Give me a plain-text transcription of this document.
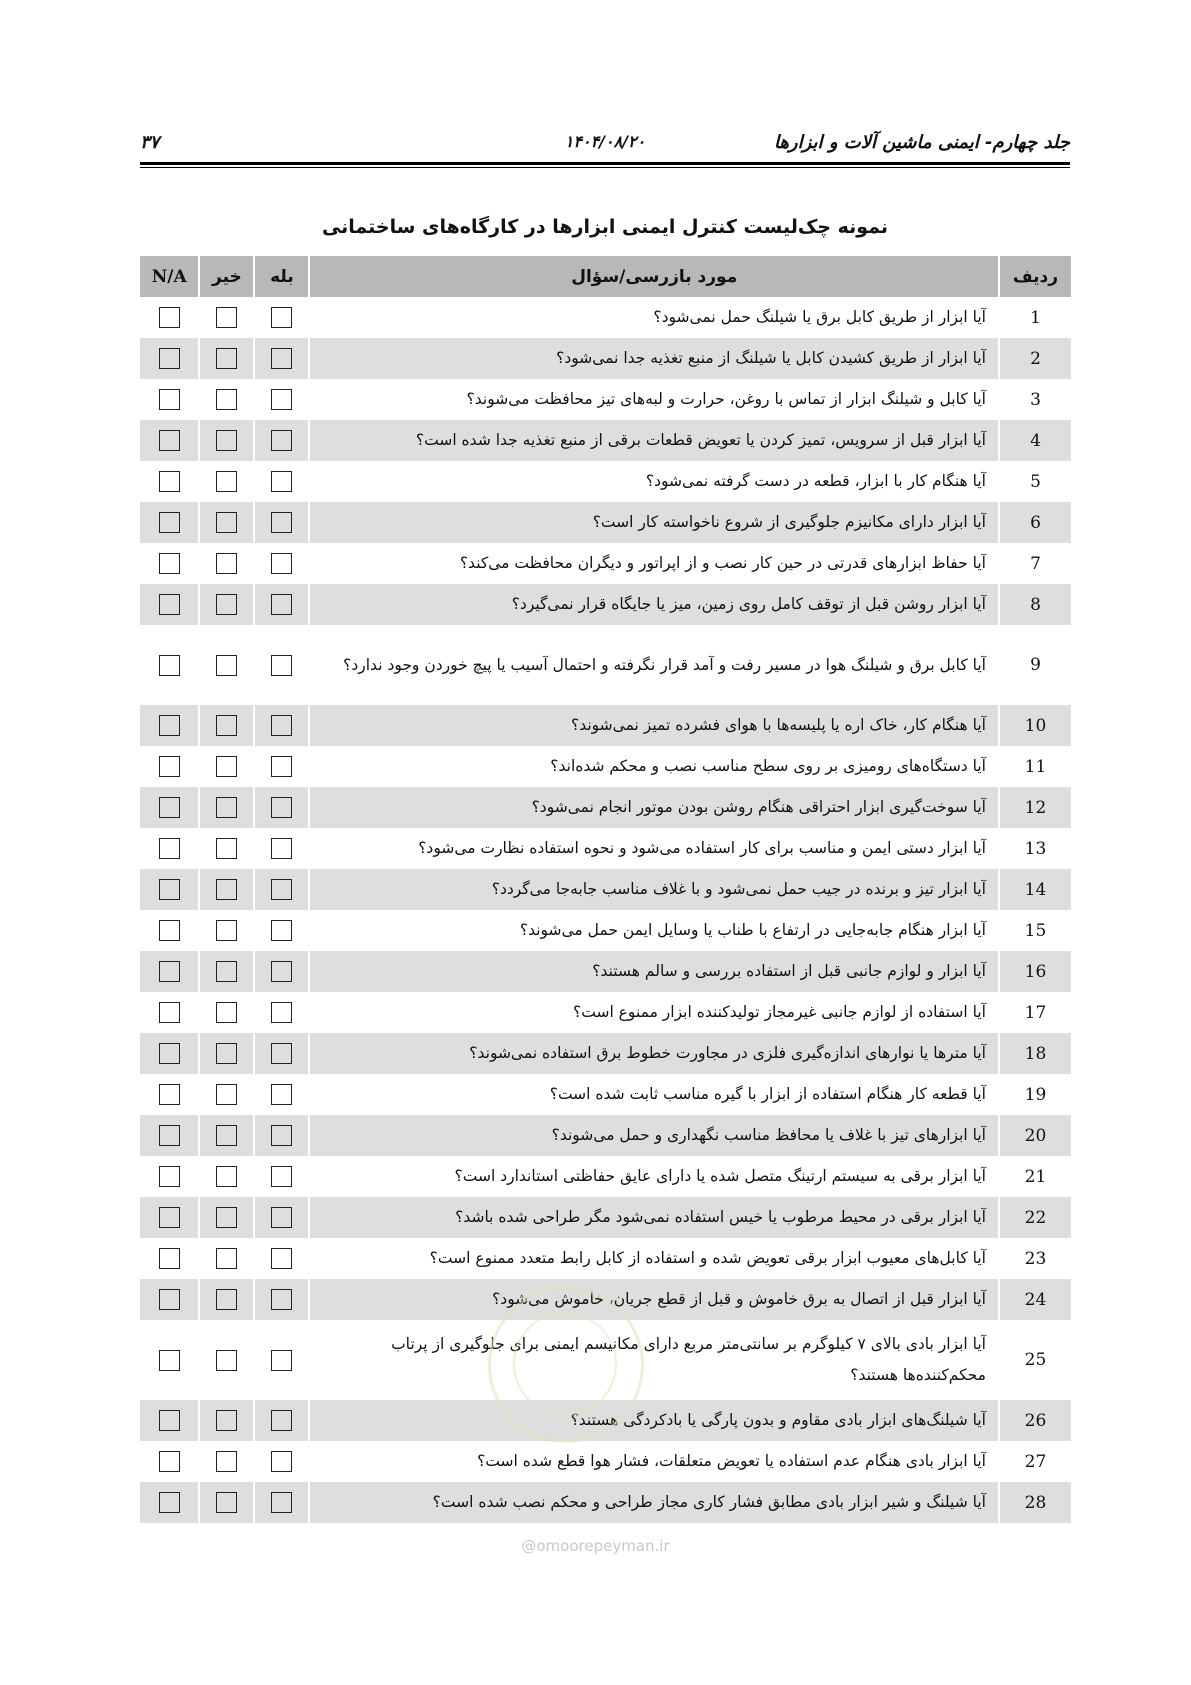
جلد چهارم- ایمنی ماشین آلات و ابزارها
۱۴۰۴/۰۸/۲۰
۳۷
نمونه چک‌لیست کنترل ایمنی ابزارها در کارگاه‌های ساختمانی
ردیف	مورد بازرسی/سؤال	بله	خیر	N/A
1	آیا ابزار از طریق کابل برق یا شیلنگ حمل نمی‌شود؟			
2	آیا ابزار از طریق کشیدن کابل یا شیلنگ از منبع تغذیه جدا نمی‌شود؟			
3	آیا کابل و شیلنگ ابزار از تماس با روغن، حرارت و لبه‌های تیز محافظت می‌شوند؟			
4	آیا ابزار قبل از سرویس، تمیز کردن یا تعویض قطعات برقی از منبع تغذیه جدا شده است؟			
5	آیا هنگام کار با ابزار، قطعه در دست گرفته نمی‌شود؟			
6	آیا ابزار دارای مکانیزم جلوگیری از شروع ناخواسته کار است؟			
7	آیا حفاظ ابزارهای قدرتی در حین کار نصب و از اپراتور و دیگران محافظت می‌کند؟			
8	آیا ابزار روشن قبل از توقف کامل روی زمین، میز یا جایگاه قرار نمی‌گیرد؟			
9	آیا کابل برق و شیلنگ هوا در مسیر رفت و آمد قرار نگرفته و احتمال آسیب یا پیچ خوردن وجود ندارد؟			
10	آیا هنگام کار، خاک اره یا پلیسه‌ها با هوای فشرده تمیز نمی‌شوند؟			
11	آیا دستگاه‌های رومیزی بر روی سطح مناسب نصب و محکم شده‌اند؟			
12	آیا سوخت‌گیری ابزار احتراقی هنگام روشن بودن موتور انجام نمی‌شود؟			
13	آیا ابزار دستی ایمن و مناسب برای کار استفاده می‌شود و نحوه استفاده نظارت می‌شود؟			
14	آیا ابزار تیز و برنده در جیب حمل نمی‌شود و با غلاف مناسب جابه‌جا می‌گردد؟			
15	آیا ابزار هنگام جابه‌جایی در ارتفاع با طناب یا وسایل ایمن حمل می‌شوند؟			
16	آیا ابزار و لوازم جانبی قبل از استفاده بررسی و سالم هستند؟			
17	آیا استفاده از لوازم جانبی غیرمجاز تولیدکننده ابزار ممنوع است؟			
18	آیا مترها یا نوارهای اندازه‌گیری فلزی در مجاورت خطوط برق استفاده نمی‌شوند؟			
19	آیا قطعه کار هنگام استفاده از ابزار با گیره مناسب ثابت شده است؟			
20	آیا ابزارهای تیز با غلاف یا محافظ مناسب نگهداری و حمل می‌شوند؟			
21	آیا ابزار برقی به سیستم ارتینگ متصل شده یا دارای عایق حفاظتی استاندارد است؟			
22	آیا ابزار برقی در محیط مرطوب یا خیس استفاده نمی‌شود مگر طراحی شده باشد؟			
23	آیا کابل‌های معیوب ابزار برقی تعویض شده و استفاده از کابل رابط متعدد ممنوع است؟			
24	آیا ابزار قبل از اتصال به برق خاموش و قبل از قطع جریان، خاموش می‌شود؟			
25	آیا ابزار بادی بالای ۷ کیلوگرم بر سانتی‌متر مربع دارای مکانیسم ایمنی برای جلوگیری از پرتاب محکم‌کننده‌ها هستند؟			
26	آیا شیلنگ‌های ابزار بادی مقاوم و بدون پارگی یا بادکردگی هستند؟			
27	آیا ابزار بادی هنگام عدم استفاده یا تعویض متعلقات، فشار هوا قطع شده است؟			
28	آیا شیلنگ و شیر ابزار بادی مطابق فشار کاری مجاز طراحی و محکم نصب شده است؟			
@omoorepeyman.ir
